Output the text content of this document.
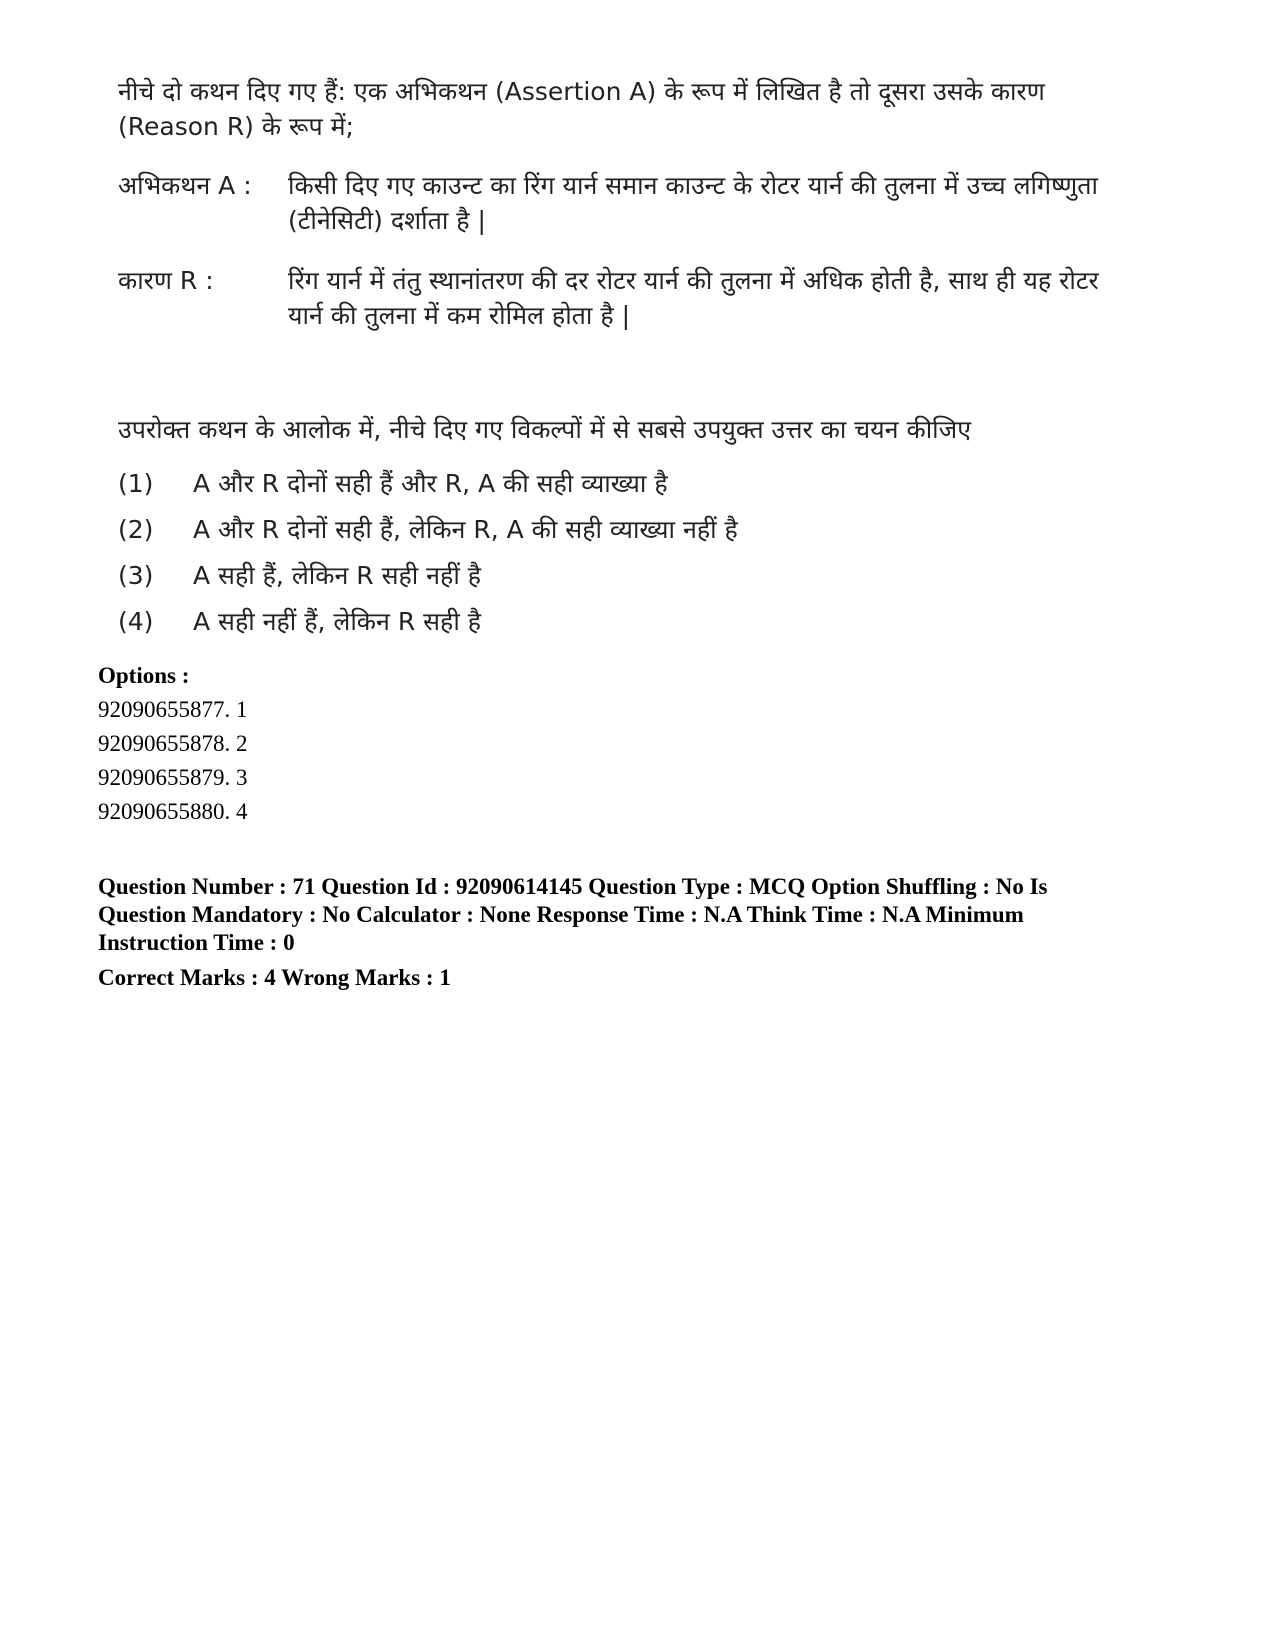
नीचे दो कथन दिए गए हैं: एक अभिकथन (Assertion A) के रूप में लिखित है तो दूसरा उसके कारण (Reason R) के रूप में;
अभिकथन A :	किसी दिए गए काउन्ट का रिंग यार्न समान काउन्ट के रोटर यार्न की तुलना में उच्च लगिष्णुता (टीनेसिटी) दर्शाता है |
कारण R :	रिंग यार्न में तंतु स्थानांतरण की दर रोटर यार्न की तुलना में अधिक होती है, साथ ही यह रोटर यार्न की तुलना में कम रोमिल होता है |
उपरोक्त कथन के आलोक में, नीचे दिए गए विकल्पों में से सबसे उपयुक्त उत्तर का चयन कीजिए
(1) A और R दोनों सही हैं और R, A की सही व्याख्या है
(2) A और R दोनों सही हैं, लेकिन R, A की सही व्याख्या नहीं है
(3) A सही हैं, लेकिन R सही नहीं है
(4) A सही नहीं हैं, लेकिन R सही है
Options :
92090655877. 1
92090655878. 2
92090655879. 3
92090655880. 4
Question Number : 71 Question Id : 92090614145 Question Type : MCQ Option Shuffling : No Is Question Mandatory : No Calculator : None Response Time : N.A Think Time : N.A Minimum Instruction Time : 0
Correct Marks : 4 Wrong Marks : 1
